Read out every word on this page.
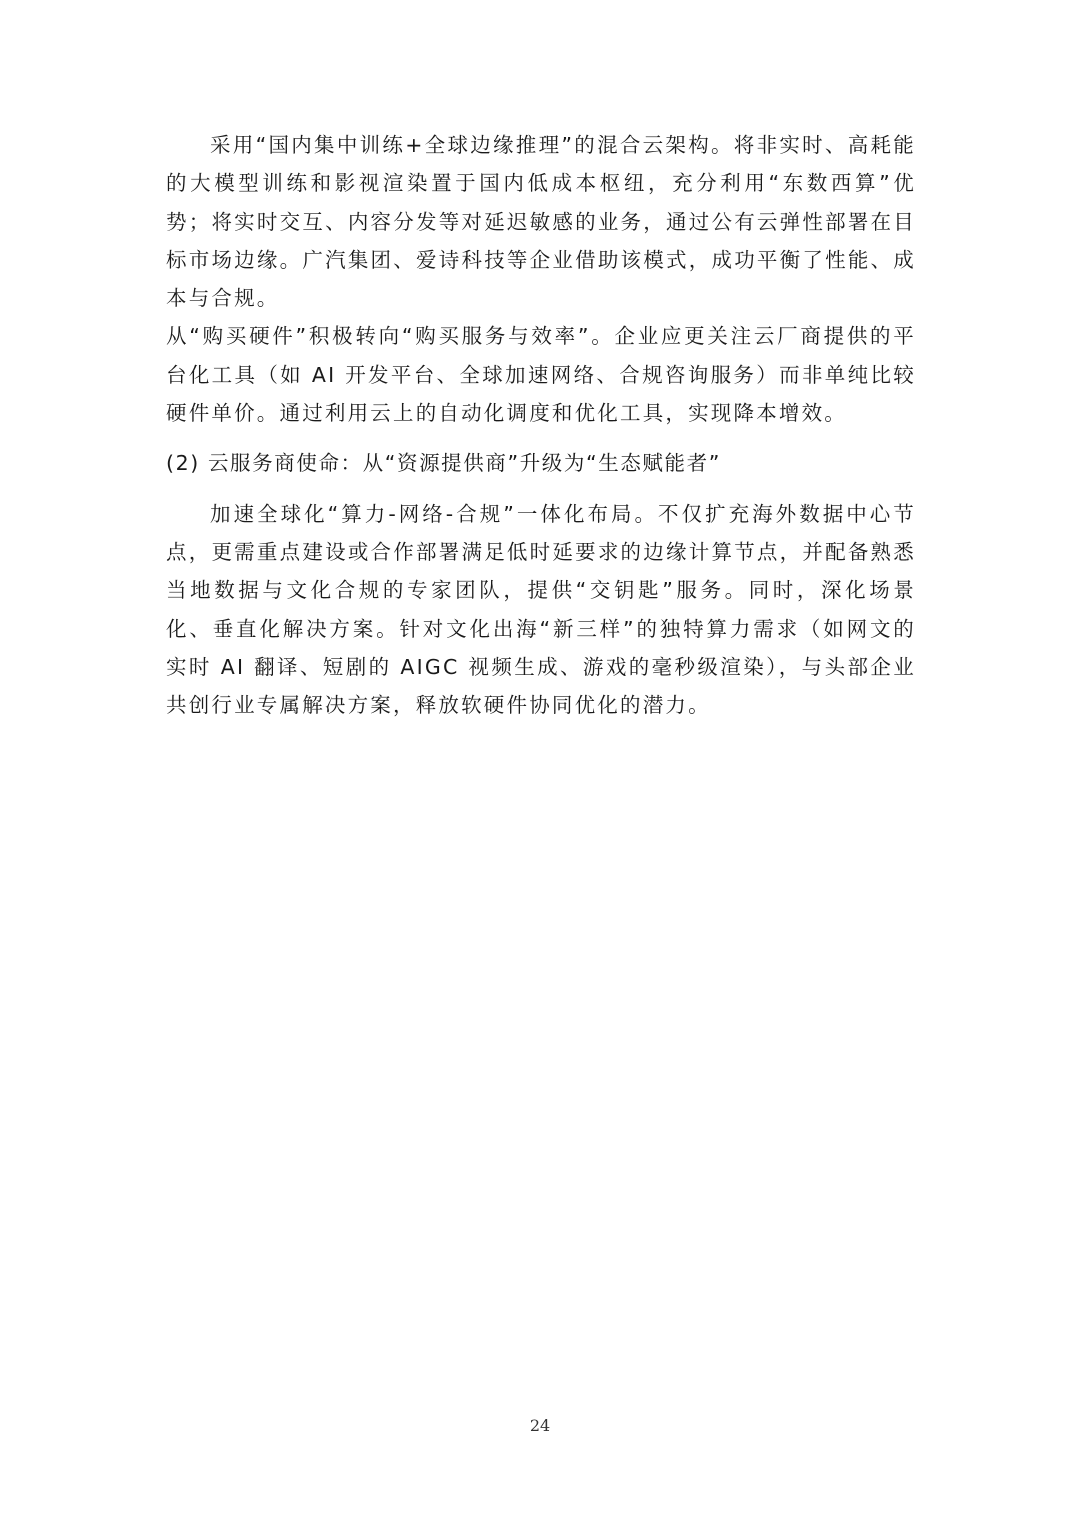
采用“国内集中训练+全球边缘推理”的混合云架构。将非实时、高耗能的大模型训练和影视渲染置于国内低成本枢纽，充分利用“东数西算”优势；将实时交互、内容分发等对延迟敏感的业务，通过公有云弹性部署在目标市场边缘。广汽集团、爱诗科技等企业借助该模式，成功平衡了性能、成本与合规。

从“购买硬件”积极转向“购买服务与效率”。企业应更关注云厂商提供的平台化工具（如 AI 开发平台、全球加速网络、合规咨询服务）而非单纯比较硬件单价。通过利用云上的自动化调度和优化工具，实现降本增效。

(2) 云服务商使命：从“资源提供商”升级为“生态赋能者”

加速全球化“算力-网络-合规”一体化布局。不仅扩充海外数据中心节点，更需重点建设或合作部署满足低时延要求的边缘计算节点，并配备熟悉当地数据与文化合规的专家团队，提供“交钥匙”服务。同时，深化场景化、垂直化解决方案。针对文化出海“新三样”的独特算力需求（如网文的实时 AI 翻译、短剧的 AIGC 视频生成、游戏的毫秒级渲染），与头部企业共创行业专属解决方案，释放软硬件协同优化的潜力。

24
